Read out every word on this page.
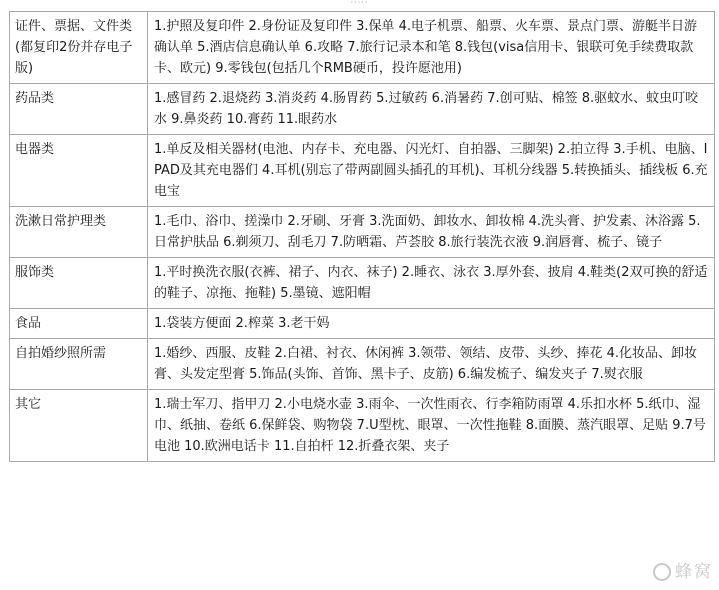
·····
证件、票据、文件类(都复印2份并存电子版)	1.护照及复印件 2.身份证及复印件 3.保单 4.电子机票、船票、火车票、景点门票、游艇半日游确认单 5.酒店信息确认单 6.攻略 7.旅行记录本和笔 8.钱包(visa信用卡、银联可免手续费取款卡、欧元) 9.零钱包(包括几个RMB硬币，投许愿池用)
药品类	1.感冒药 2.退烧药 3.消炎药 4.肠胃药 5.过敏药 6.消暑药 7.创可贴、棉签 8.驱蚊水、蚊虫叮咬水 9.鼻炎药 10.膏药 11.眼药水
电器类	1.单反及相关器材(电池、内存卡、充电器、闪光灯、自拍器、三脚架) 2.拍立得 3.手机、电脑、IPAD及其充电器们 4.耳机(别忘了带两副圆头插孔的耳机)、耳机分线器 5.转换插头、插线板 6.充电宝
洗漱日常护理类	1.毛巾、浴巾、搓澡巾 2.牙刷、牙膏 3.洗面奶、卸妆水、卸妆棉 4.洗头膏、护发素、沐浴露 5.日常护肤品 6.剃须刀、刮毛刀 7.防晒霜、芦荟胶 8.旅行装洗衣液 9.润唇膏、梳子、镜子
服饰类	1.平时换洗衣服(衣裤、裙子、内衣、袜子) 2.睡衣、泳衣 3.厚外套、披肩 4.鞋类(2双可换的舒适的鞋子、凉拖、拖鞋) 5.墨镜、遮阳帽
食品	1.袋装方便面 2.榨菜 3.老干妈
自拍婚纱照所需	1.婚纱、西服、皮鞋 2.白裙、衬衣、休闲裤 3.领带、领结、皮带、头纱、捧花 4.化妆品、卸妆膏、头发定型膏 5.饰品(头饰、首饰、黑卡子、皮筋) 6.编发梳子、编发夹子 7.熨衣服
其它	1.瑞士军刀、指甲刀 2.小电烧水壶 3.雨伞、一次性雨衣、行李箱防雨罩 4.乐扣水杯 5.纸巾、湿巾、纸抽、卷纸 6.保鲜袋、购物袋 7.U型枕、眼罩、一次性拖鞋 8.面膜、蒸汽眼罩、足贴 9.7号电池 10.欧洲电话卡 11.自拍杆 12.折叠衣架、夹子
蜂窝
